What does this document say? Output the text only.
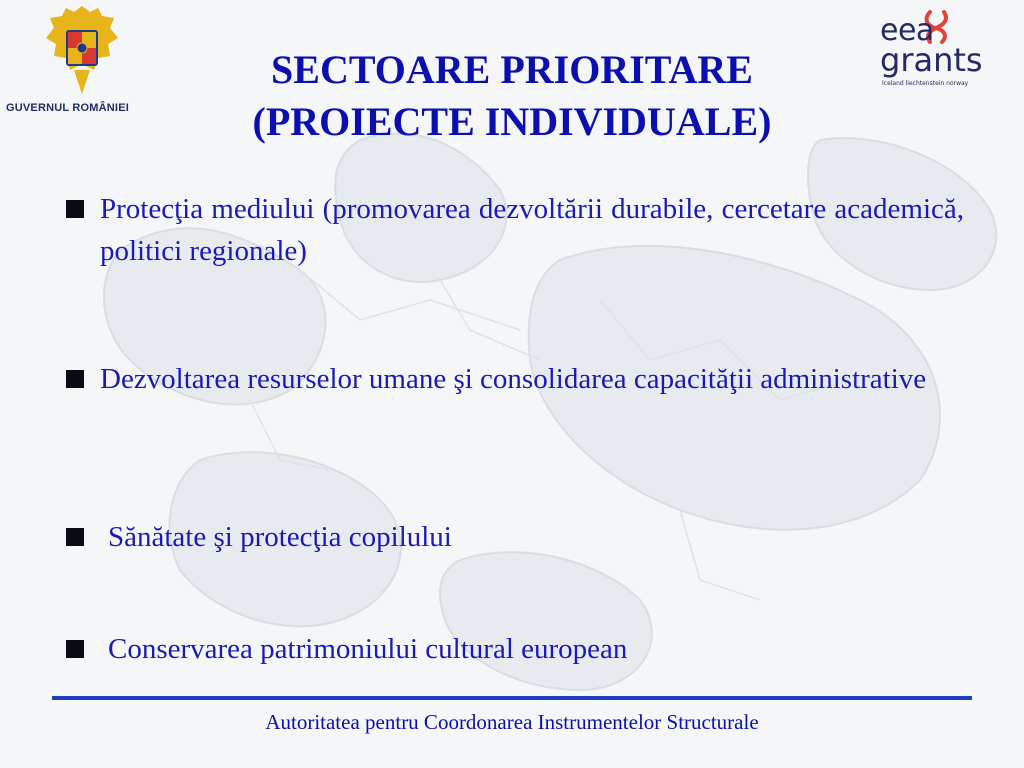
GUVERNUL ROMÂNIEI
eea
grants
Iceland liechtenstein norway
SECTOARE PRIORITARE
(PROIECTE INDIVIDUALE)
Protecţia mediului (promovarea dezvoltării durabile, cercetare academică, politici regionale)
Dezvoltarea resurselor umane şi consolidarea capacităţii administrative
Sănătate şi protecţia copilului
Conservarea patrimoniului cultural european
Autoritatea pentru Coordonarea Instrumentelor Structurale
